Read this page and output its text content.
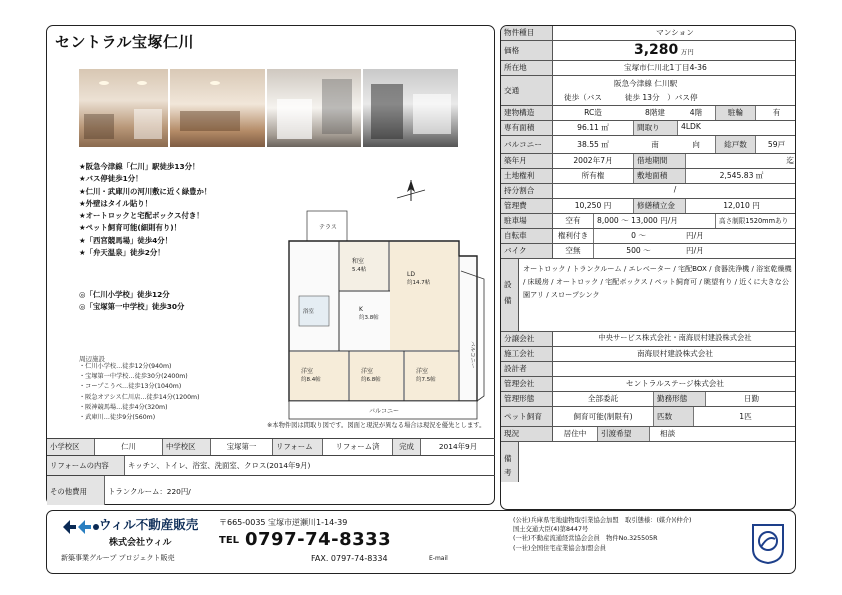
セントラル宝塚仁川
★阪急今津線「仁川」駅徒歩13分！
★バス停徒歩1分！
★仁川・武庫川の河川敷に近く緑豊か！
★外壁はタイル貼り！
★オートロックと宅配ボックス付き！
★ペット飼育可能(細則有り)！
★「西宮競馬場」徒歩4分！
★「弁天温泉」徒歩2分！
◎「仁川小学校」徒歩12分
◎「宝塚第一中学校」徒歩30分
周辺施設
・仁川小学校…徒歩12分(940m)
・宝塚第一中学校…徒歩30分(2400m)
・コープこうべ…徒歩13分(1040m)
・阪急オアシス仁川店…徒歩14分(1200m)
・阪神競馬場…徒歩4分(320m)
・武庫川…徒歩9分(560m)
テラス
和室
5.4帖
LD
約14.7帖
K
約3.8帖
洋室
約8.4帖
洋室
約6.8帖
洋室
約7.5帖
浴室
バルコニー
バルコニー
※本物件図は間取り図です。図面と現況が異なる場合は現況を優先とします。
小学校区	仁川	中学校区	宝塚第一	リフォーム	リフォーム済	完成	2014年9月
リフォームの内容	キッチン、トイレ、浴室、洗面室、クロス(2014年9月)
その他費用	トランクルーム：220円/
物件種目	マンション
価格	3,280 万円
所在地	宝塚市仁川北1丁目4-36
交通
阪急今津線 仁川駅
徒歩（バス　　　徒歩 13分　）バス停
建物構造	RC造	8階建	4階	駐輪	有
専有面積	96.11 ㎡	間取り	4LDK
バルコニー	38.55 ㎡	南	向	総戸数	59戸
築年月	2002年7月	借地期間	迄
土地権利	所有権	敷地面積	2,545.83 ㎡
持分割合	/
管理費	10,250 円	修繕積立金	12,010 円
駐車場	空有	8,000 ～ 13,000 円/月	高さ制限1520mmあり
自転車	権利付き	0 ～	円/月
バイク	空無	500 ～	円/月
設備
オートロック / トランクルーム / エレベーター / 宅配BOX / 食器洗浄機 / 浴室乾燥機 / 床暖房 / オートロック / 宅配ボックス / ペット飼育可 / 眺望有り / 近くに大きな公園アリ / スロープシンク
分譲会社	中央サービス株式会社・南海辰村建設株式会社
施工会社	南海辰村建設株式会社
設計者
管理会社	セントラルステージ株式会社
管理形態	全部委託	勤務形態	日勤
ペット飼育	飼育可能(制限有)	匹数	1匹
現況	居住中	引渡希望	相談
備考
ウィル不動産販売
株式会社ウィル
新築事業グループ プロジェクト販売
〒665-0035 宝塚市逆瀬川1-14-39
TEL 0797-74-8333
FAX. 0797-74-8334	E-mail
(公社)兵庫県宅地建物取引業協会加盟　取引態様：(媒介)(仲介)
国土交通大臣(4)第8447号
(一社)不動産流通経営協会会員　物件No.325505R
(一社)全国住宅産業協会加盟会員
